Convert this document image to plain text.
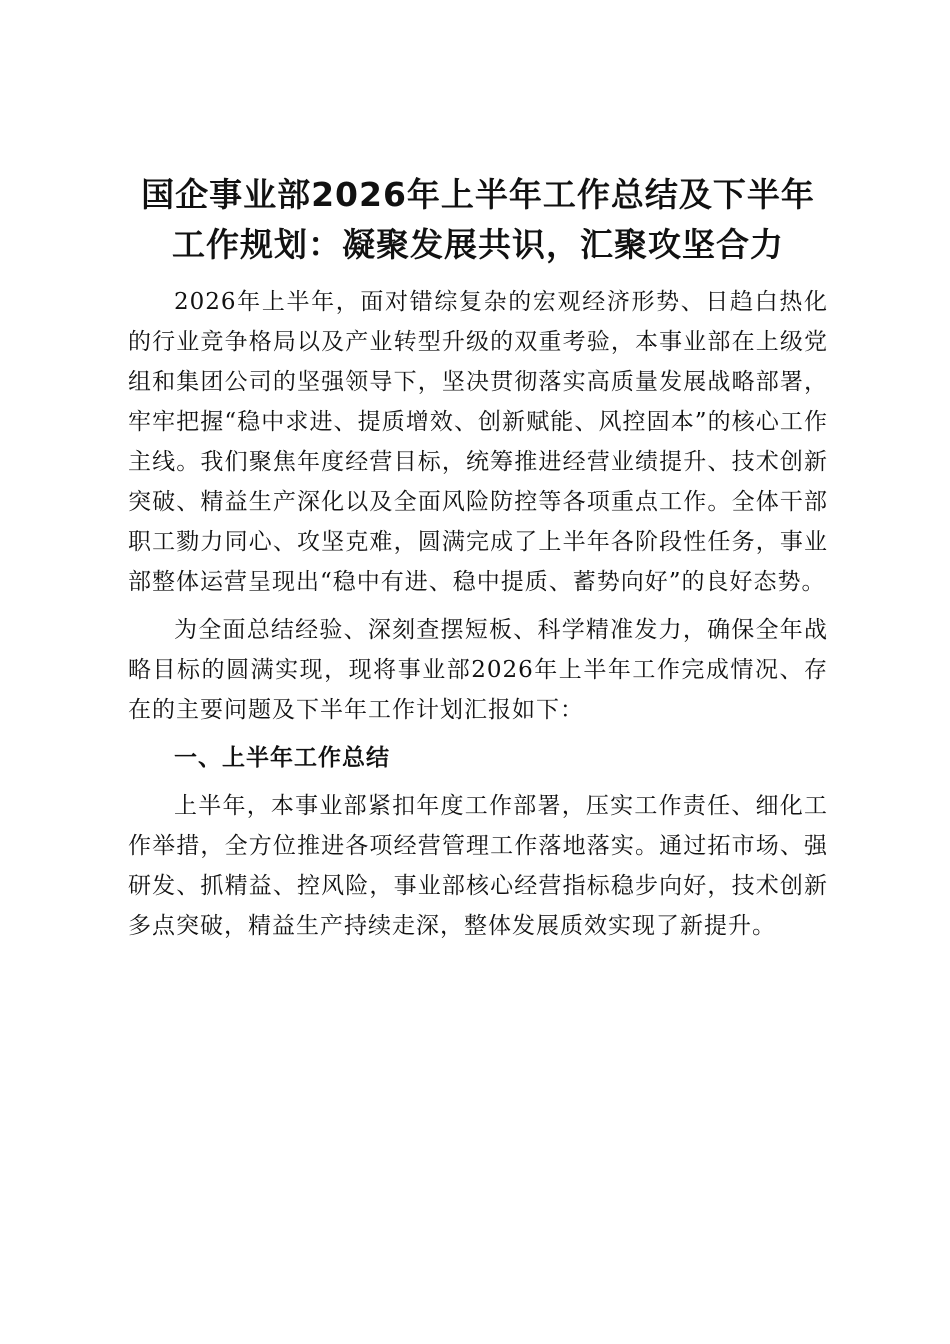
国企事业部2026年上半年工作总结及下半年
工作规划：凝聚发展共识，汇聚攻坚合力

2026年上半年，面对错综复杂的宏观经济形势、日趋白热化的行业竞争格局以及产业转型升级的双重考验，本事业部在上级党组和集团公司的坚强领导下，坚决贯彻落实高质量发展战略部署，牢牢把握“稳中求进、提质增效、创新赋能、风控固本”的核心工作主线。我们聚焦年度经营目标，统筹推进经营业绩提升、技术创新突破、精益生产深化以及全面风险防控等各项重点工作。全体干部职工勠力同心、攻坚克难，圆满完成了上半年各阶段性任务，事业部整体运营呈现出“稳中有进、稳中提质、蓄势向好”的良好态势。

为全面总结经验、深刻查摆短板、科学精准发力，确保全年战略目标的圆满实现，现将事业部2026年上半年工作完成情况、存在的主要问题及下半年工作计划汇报如下：

一、上半年工作总结

上半年，本事业部紧扣年度工作部署，压实工作责任、细化工作举措，全方位推进各项经营管理工作落地落实。通过拓市场、强研发、抓精益、控风险，事业部核心经营指标稳步向好，技术创新多点突破，精益生产持续走深，整体发展质效实现了新提升。
